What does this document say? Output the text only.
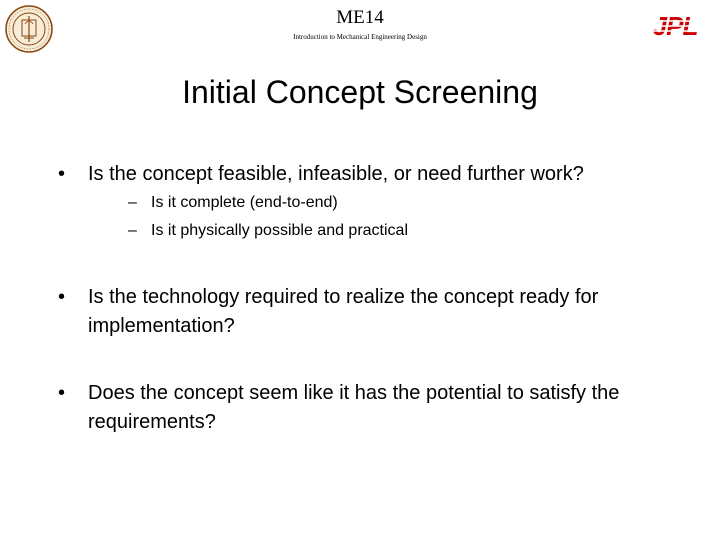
ME14
Introduction to Mechanical Engineering Design	JPL
Initial Concept Screening
• Is the concept feasible, infeasible, or need further work?
– Is it complete (end-to-end)
– Is it physically possible and practical
• Is the technology required to realize the concept ready for implementation?
• Does the concept seem like it has the potential to satisfy the requirements?
